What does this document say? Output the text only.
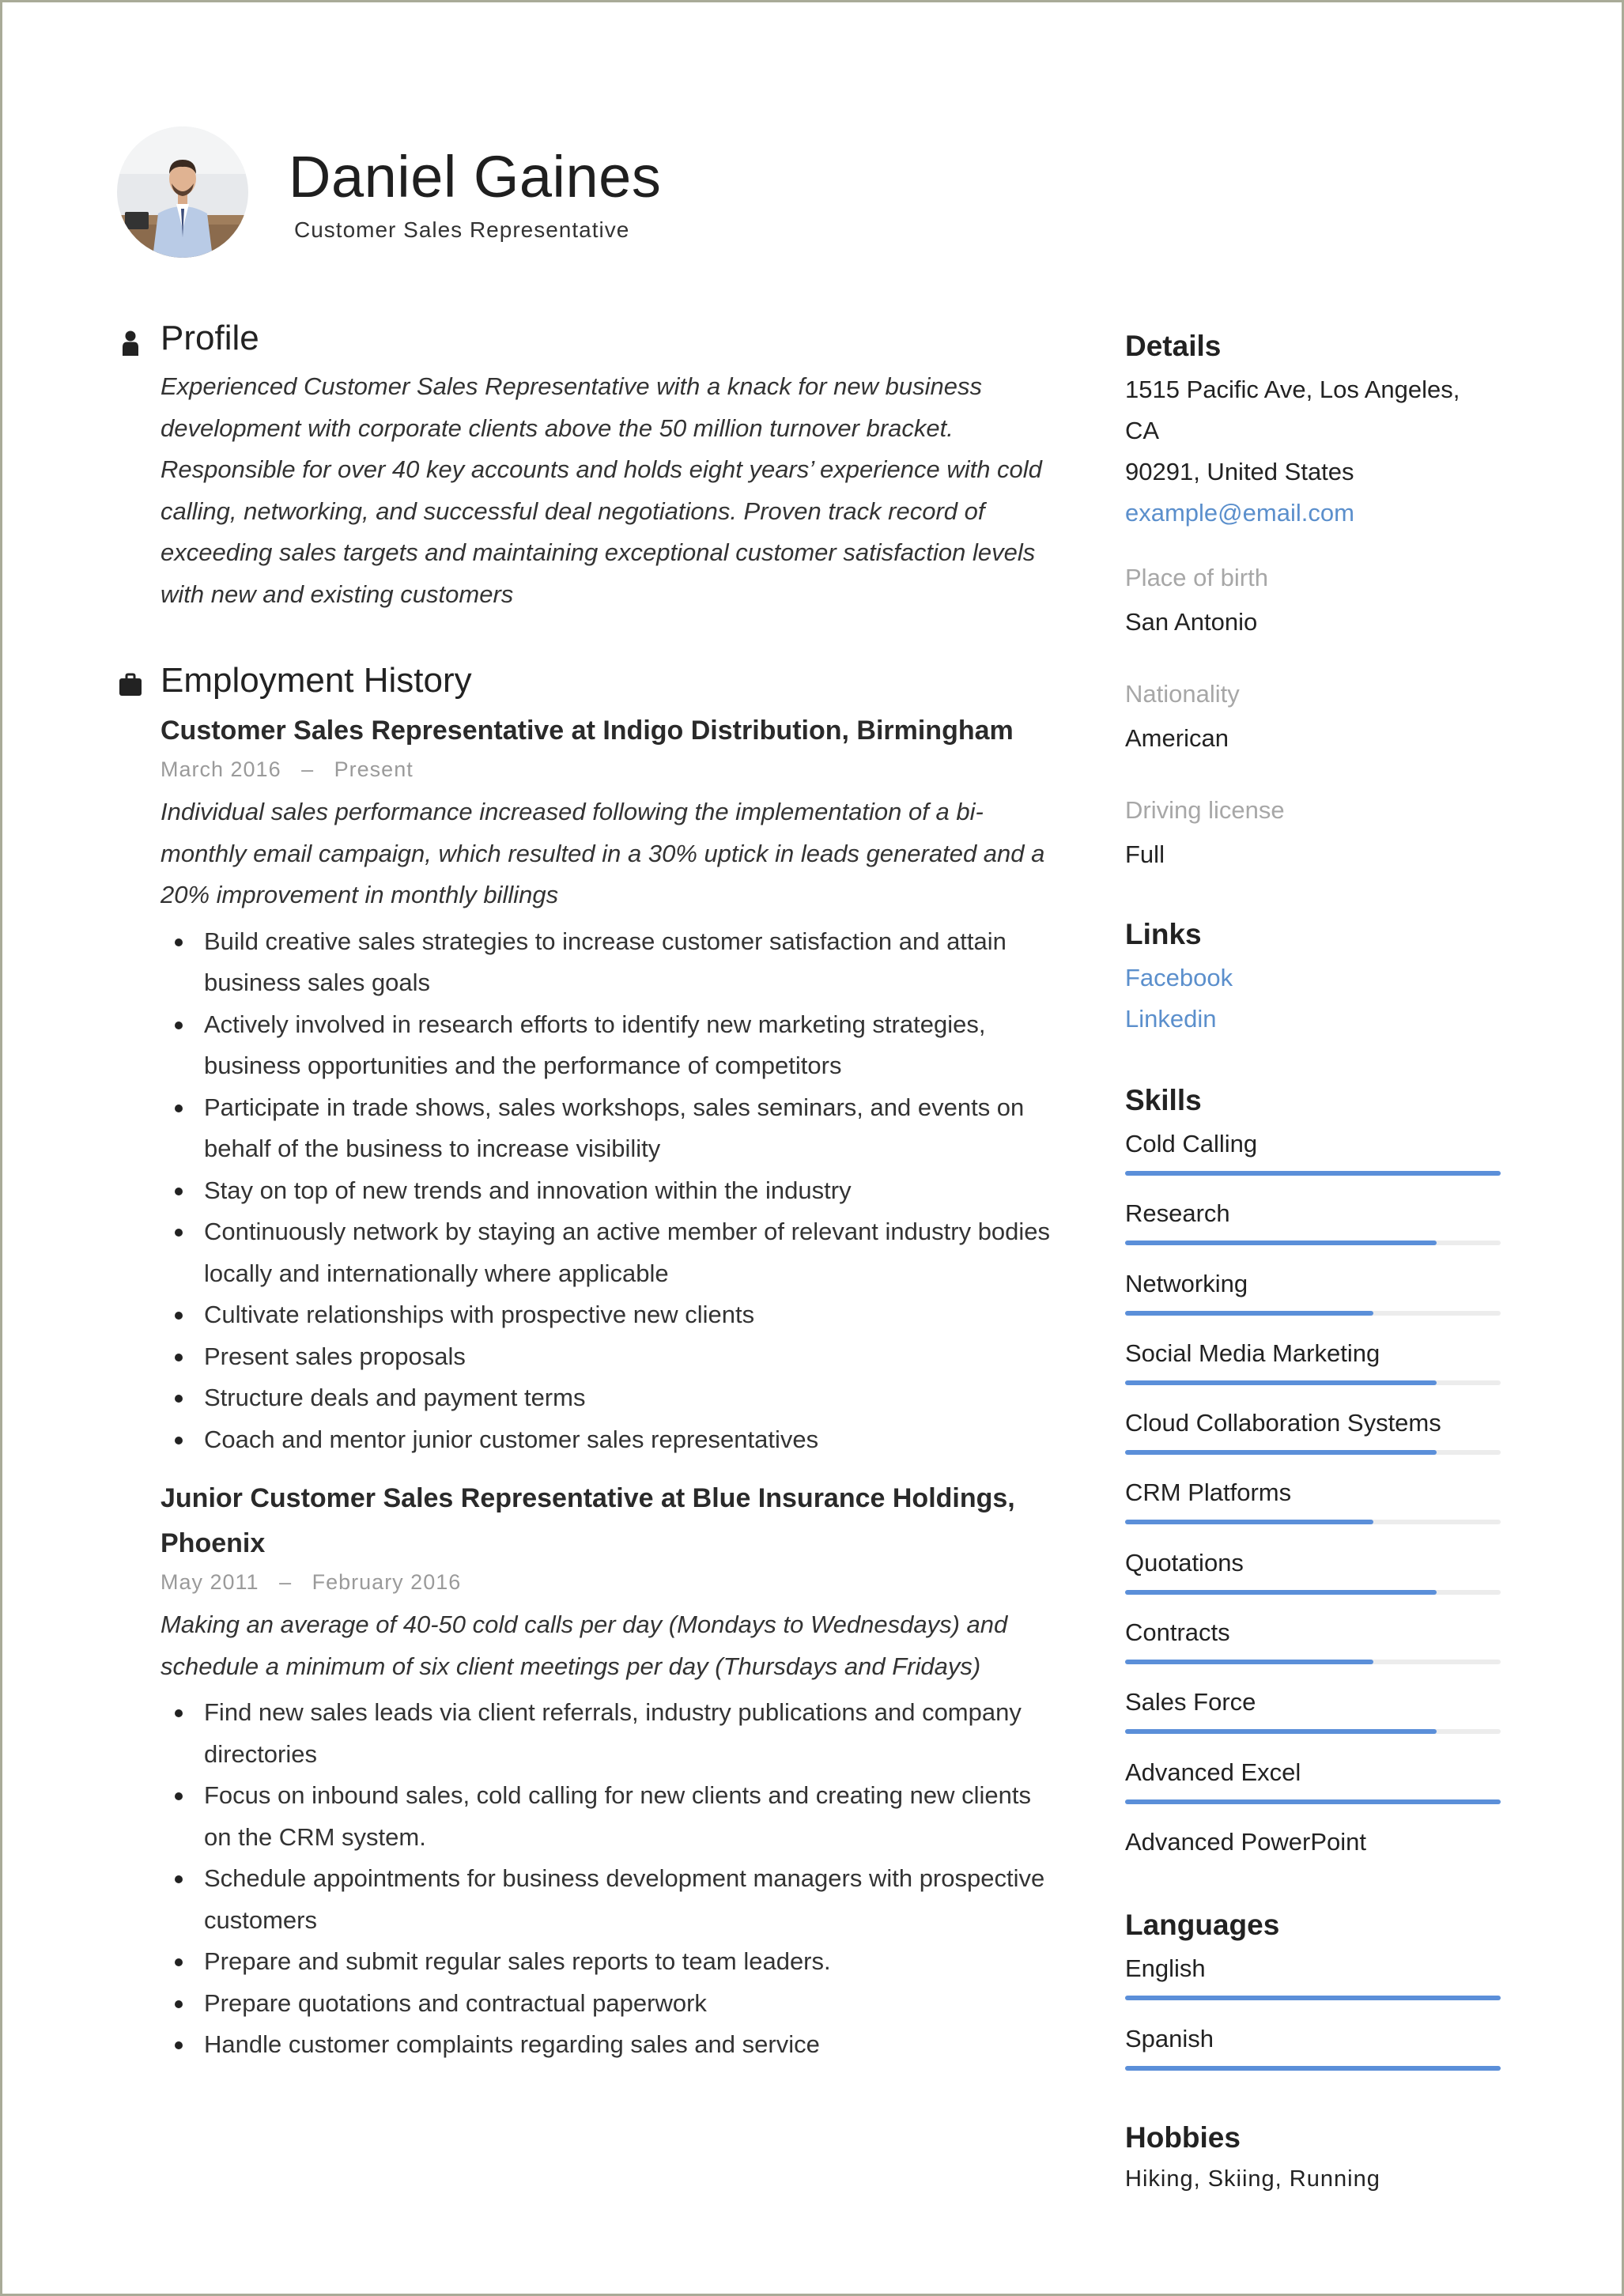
Daniel Gaines
Customer Sales Representative
Profile
Experienced Customer Sales Representative with a knack for new business development with corporate clients above the 50 million turnover bracket. Responsible for over 40 key accounts and holds eight years’ experience with cold calling, networking, and successful deal negotiations. Proven track record of exceeding sales targets and maintaining exceptional customer satisfaction levels with new and existing customers
Employment History
Customer Sales Representative at Indigo Distribution, Birmingham
March 2016   –   Present
Individual sales performance increased following the implementation of a bi-monthly email campaign, which resulted in a 30% uptick in leads generated and a 20% improvement in monthly billings
Build creative sales strategies to increase customer satisfaction and attain business sales goals
Actively involved in research efforts to identify new marketing strategies, business opportunities and the performance of competitors
Participate in trade shows, sales workshops, sales seminars, and events on behalf of the business to increase visibility
Stay on top of new trends and innovation within the industry
Continuously network by staying an active member of relevant industry bodies locally and internationally where applicable
Cultivate relationships with prospective new clients
Present sales proposals
Structure deals and payment terms
Coach and mentor junior customer sales representatives
Junior Customer Sales Representative at Blue Insurance Holdings, Phoenix
May 2011   –   February 2016
Making an average of 40-50 cold calls per day (Mondays to Wednesdays) and schedule a minimum of six client meetings per day (Thursdays and Fridays)
Find new sales leads via client referrals, industry publications and company directories
Focus on inbound sales, cold calling for new clients and creating new clients on the CRM system.
Schedule appointments for business development managers with prospective customers
Prepare and submit regular sales reports to team leaders.
Prepare quotations and contractual paperwork
Handle customer complaints regarding sales and service
Details
1515 Pacific Ave, Los Angeles, CA
90291, United States
example@email.com
Place of birth
San Antonio
Nationality
American
Driving license
Full
Links
Facebook
Linkedin
Skills
Cold Calling
Research
Networking
Social Media Marketing
Cloud Collaboration Systems
CRM Platforms
Quotations
Contracts
Sales Force
Advanced Excel
Advanced PowerPoint
Languages
English
Spanish
Hobbies
Hiking, Skiing, Running
